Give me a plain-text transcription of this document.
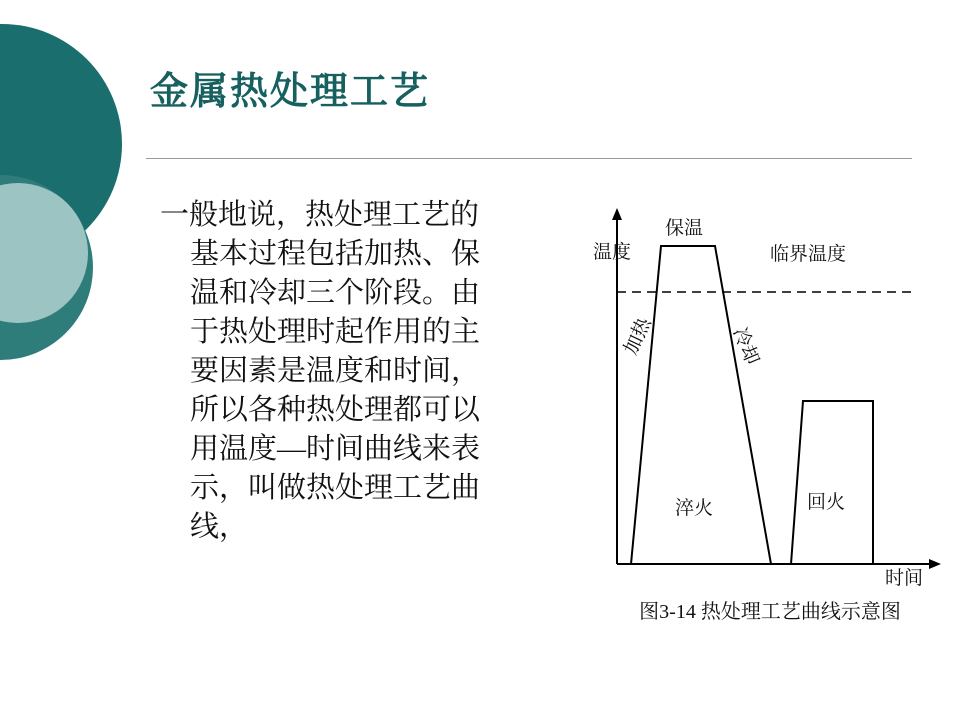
金属热处理工艺
一般地说，热处理工艺的
基本过程包括加热、保
温和冷却三个阶段。由
于热处理时起作用的主
要因素是温度和时间，
所以各种热处理都可以
用温度—时间曲线来表
示，叫做热处理工艺曲
线，
温度
时间
保温
临界温度
加热	冷却
淬火	回火
图3-14 热处理工艺曲线示意图
